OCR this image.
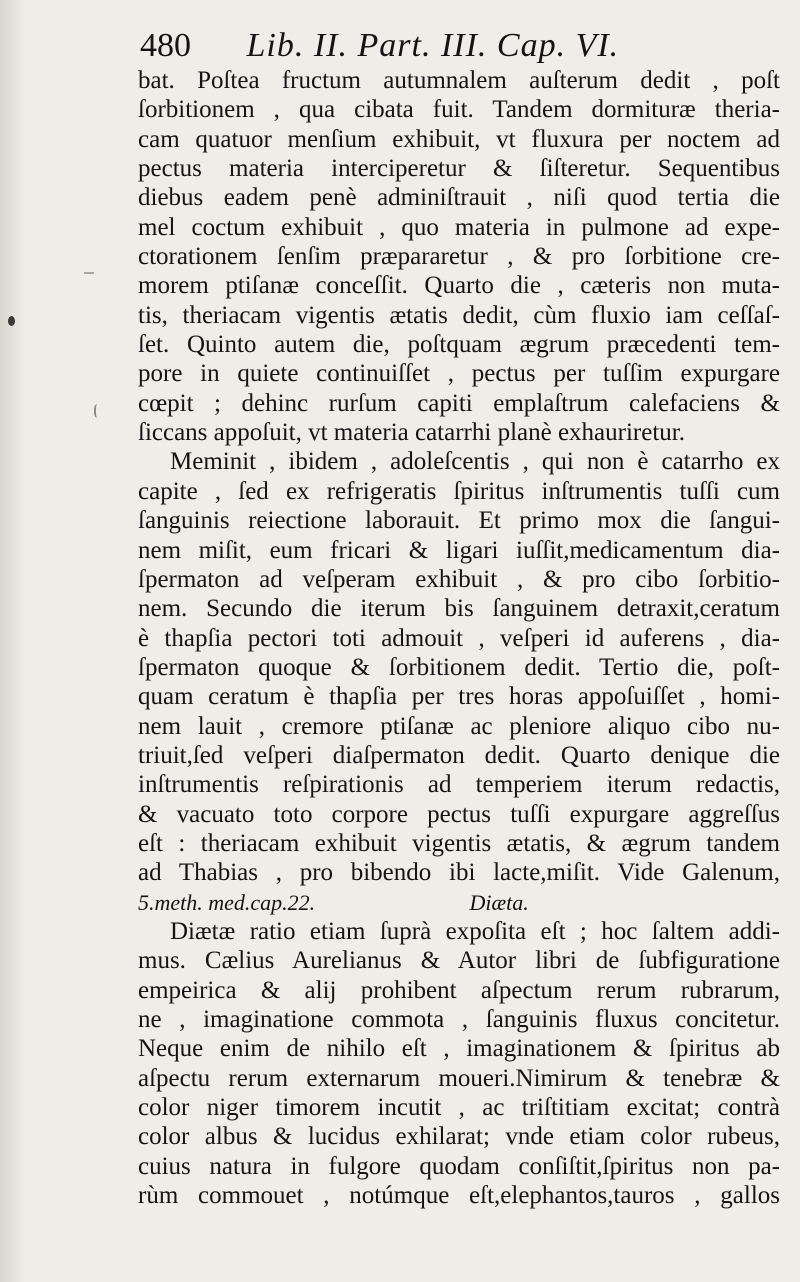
480 Lib. II. Part. III. Cap. VI.
bat. Poſtea fructum autumnalem auſterum dedit , poſt
ſorbitionem , qua cibata fuit. Tandem dormituræ theria-
cam quatuor menſium exhibuit, vt fluxura per noctem ad
pectus materia interciperetur & ſiſteretur. Sequentibus
diebus eadem penè adminiſtrauit , niſi quod tertia die
mel coctum exhibuit , quo materia in pulmone ad expe-
ctorationem ſenſim præpararetur , & pro ſorbitione cre-
morem ptiſanæ conceſſit. Quarto die , cæteris non muta-
tis, theriacam vigentis ætatis dedit, cùm fluxio iam ceſſaſ-
ſet. Quinto autem die, poſtquam ægrum præcedenti tem-
pore in quiete continuiſſet , pectus per tuſſim expurgare
cœpit ; dehinc rurſum capiti emplaſtrum calefaciens &
ſiccans appoſuit, vt materia catarrhi planè exhauriretur.
Meminit , ibidem , adoleſcentis , qui non è catarrho ex
capite , ſed ex refrigeratis ſpiritus inſtrumentis tuſſi cum
ſanguinis reiectione laborauit. Et primo mox die ſangui-
nem miſit, eum fricari & ligari iuſſit,medicamentum dia-
ſpermaton ad veſperam exhibuit , & pro cibo ſorbitio-
nem. Secundo die iterum bis ſanguinem detraxit,ceratum
è thapſia pectori toti admouit , veſperi id auferens , dia-
ſpermaton quoque & ſorbitionem dedit. Tertio die, poſt-
quam ceratum è thapſia per tres horas appoſuiſſet , homi-
nem lauit , cremore ptiſanæ ac pleniore aliquo cibo nu-
triuit,ſed veſperi diaſpermaton dedit. Quarto denique die
inſtrumentis reſpirationis ad temperiem iterum redactis,
& vacuato toto corpore pectus tuſſi expurgare aggreſſus
eſt : theriacam exhibuit vigentis ætatis, & ægrum tandem
ad Thabias , pro bibendo ibi lacte,miſit. Vide Galenum,
5.meth. med.cap.22.	Diæta.
Diætæ ratio etiam ſuprà expoſita eſt ; hoc ſaltem addi-
mus. Cælius Aurelianus & Autor libri de ſubfiguratione
empeirica & alij prohibent aſpectum rerum rubrarum,
ne , imaginatione commota , ſanguinis fluxus concitetur.
Neque enim de nihilo eſt , imaginationem & ſpiritus ab
aſpectu rerum externarum moueri.Nimirum & tenebræ &
color niger timorem incutit , ac triſtitiam excitat; contrà
color albus & lucidus exhilarat; vnde etiam color rubeus,
cuius natura in fulgore quodam conſiſtit,ſpiritus non pa-
rùm commouet , notúmque eſt,elephantos,tauros , gallos
